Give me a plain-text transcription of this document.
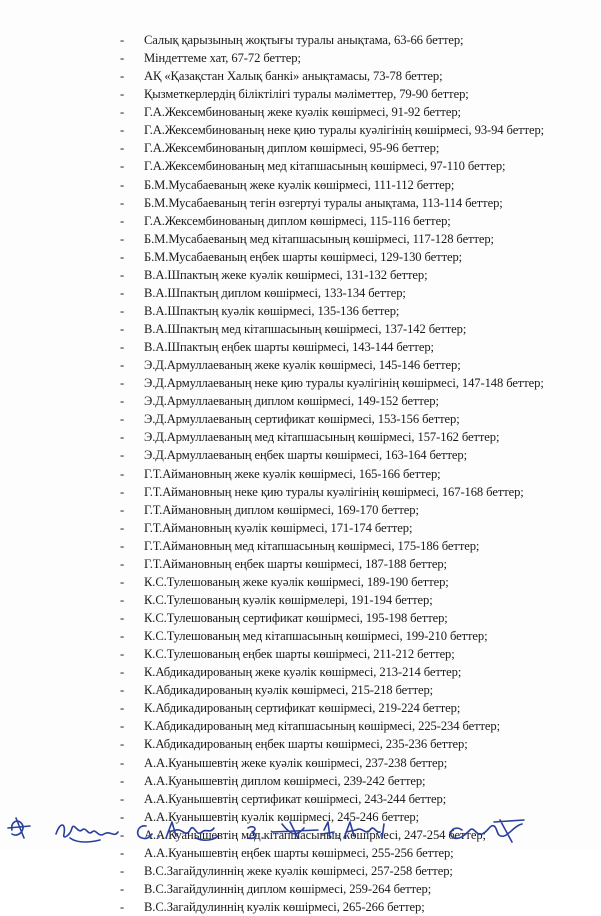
- Салық қарызының жоқтығы туралы анықтама, 63-66 беттер;
- Міндеттеме хат, 67-72 беттер;
- АҚ «Қазақстан Халық банкі» анықтамасы, 73-78 беттер;
- Қызметкерлердің біліктілігі туралы мәліметтер, 79-90 беттер;
- Г.А.Жексембинованың жеке куәлік көшірмесі, 91-92 беттер;
- Г.А.Жексембинованың неке қию туралы куәлігінің көшірмесі, 93-94 беттер;
- Г.А.Жексембинованың диплом көшірмесі, 95-96 беттер;
- Г.А.Жексембинованың мед кітапшасының көшірмесі, 97-110 беттер;
- Б.М.Мусабаеваның жеке куәлік көшірмесі, 111-112 беттер;
- Б.М.Мусабаеваның тегін өзгертуі туралы анықтама, 113-114 беттер;
- Г.А.Жексембинованың диплом көшірмесі, 115-116 беттер;
- Б.М.Мусабаеваның мед кітапшасының көшірмесі, 117-128 беттер;
- Б.М.Мусабаеваның еңбек шарты көшірмесі, 129-130 беттер;
- В.А.Шпактың жеке куәлік көшірмесі, 131-132 беттер;
- В.А.Шпактың диплом көшірмесі, 133-134 беттер;
- В.А.Шпактың куәлік көшірмесі, 135-136 беттер;
- В.А.Шпактың мед кітапшасының көшірмесі, 137-142 беттер;
- В.А.Шпактың еңбек шарты көшірмесі, 143-144 беттер;
- Э.Д.Армуллаеваның жеке куәлік көшірмесі, 145-146 беттер;
- Э.Д.Армуллаеваның неке қию туралы куәлігінің көшірмесі, 147-148 беттер;
- Э.Д.Армуллаеваның диплом көшірмесі, 149-152 беттер;
- Э.Д.Армуллаеваның сертификат көшірмесі, 153-156 беттер;
- Э.Д.Армуллаеваның мед кітапшасының көшірмесі, 157-162 беттер;
- Э.Д.Армуллаеваның еңбек шарты көшірмесі, 163-164 беттер;
- Г.Т.Аймановның жеке куәлік көшірмесі, 165-166 беттер;
- Г.Т.Аймановның неке қию туралы куәлігінің көшірмесі, 167-168 беттер;
- Г.Т.Аймановның диплом көшірмесі, 169-170 беттер;
- Г.Т.Аймановның куәлік көшірмесі, 171-174 беттер;
- Г.Т.Аймановның мед кітапшасының көшірмесі, 175-186 беттер;
- Г.Т.Аймановның еңбек шарты көшірмесі, 187-188 беттер;
- К.С.Тулешованың жеке куәлік көшірмесі, 189-190 беттер;
- К.С.Тулешованың куәлік көшірмелері, 191-194 беттер;
- К.С.Тулешованың сертификат көшірмесі, 195-198 беттер;
- К.С.Тулешованың мед кітапшасының көшірмесі, 199-210 беттер;
- К.С.Тулешованың еңбек шарты көшірмесі, 211-212 беттер;
- К.Абдикадированың жеке куәлік көшірмесі, 213-214 беттер;
- К.Абдикадированың куәлік көшірмесі, 215-218 беттер;
- К.Абдикадированың сертификат көшірмесі, 219-224 беттер;
- К.Абдикадированың мед кітапшасының көшірмесі, 225-234 беттер;
- К.Абдикадированың еңбек шарты көшірмесі, 235-236 беттер;
- А.А.Куанышевтің жеке куәлік көшірмесі, 237-238 беттер;
- А.А.Куанышевтің диплом көшірмесі, 239-242 беттер;
- А.А.Куанышевтің сертификат көшірмесі, 243-244 беттер;
- А.А.Куанышевтің куәлік көшірмесі, 245-246 беттер;
- А.А.Куанышевтің мед кітапшасының көшірмесі, 247-254 беттер;
- А.А.Куанышевтің еңбек шарты көшірмесі, 255-256 беттер;
- В.С.Загайдулиннің жеке куәлік көшірмесі, 257-258 беттер;
- В.С.Загайдулиннің диплом көшірмесі, 259-264 беттер;
- В.С.Загайдулиннің куәлік көшірмесі, 265-266 беттер;
